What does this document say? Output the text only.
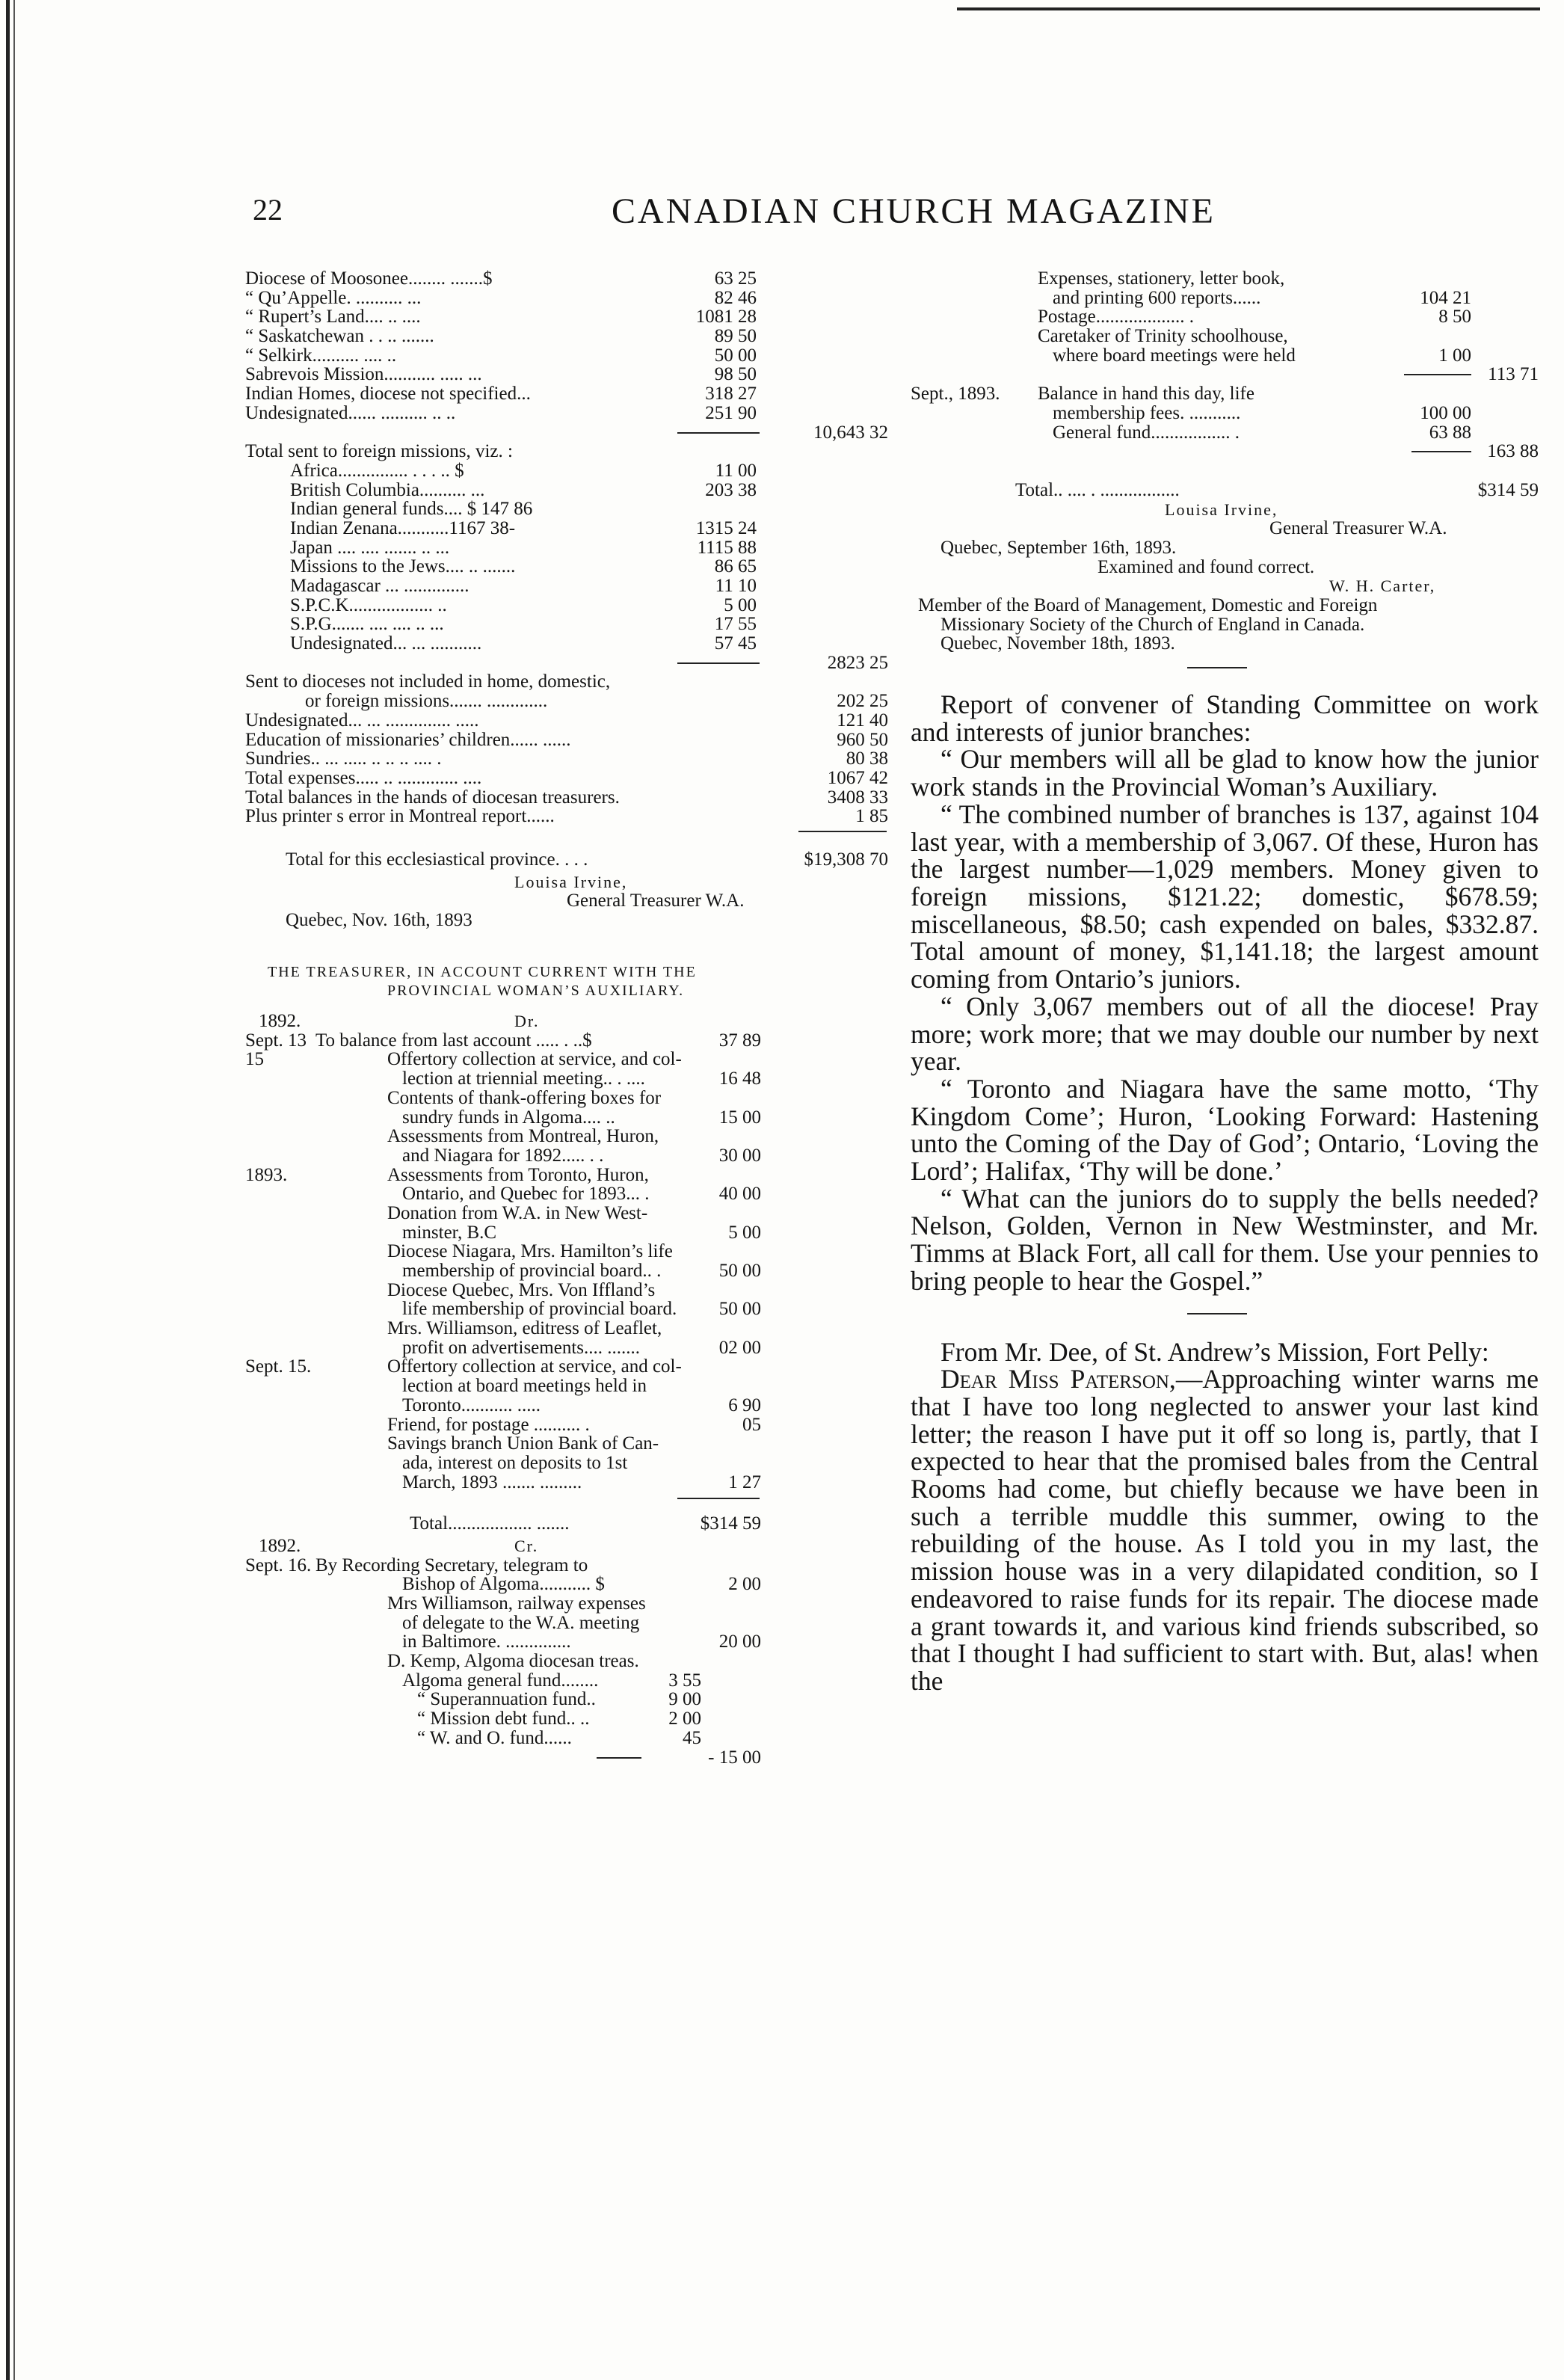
22	CANADIAN CHURCH MAGAZINE
Diocese of Moosonee........ .......$	63 25
“ Qu’Appelle. .......... ...	82 46
“ Rupert’s Land.... .. ....	1081 28
“ Saskatchewan . . .. .......	89 50
“ Selkirk.......... .... ..	50 00
Sabrevois Mission........... ..... ...	98 50
Indian Homes, diocese not specified...	318 27
Undesignated...... .......... .. ..	251 90
10,643 32
Total sent to foreign missions, viz. :
Africa............... . . . .. $	11 00
British Columbia.......... ...	203 38
Indian general funds.... $ 147 86
Indian Zenana...........1167 38-	1315 24
Japan .... .... ....... .. ...	1115 88
Missions to the Jews.... .. .......	86 65
Madagascar ... ..............	11 10
S.P.C.K.................. ..	5 00
S.P.G....... .... .... .. ...	17 55
Undesignated... ... ...........	57 45
2823 25
Sent to dioceses not included in home, domestic,
or foreign missions....... .............	202 25
Undesignated... ... .............. .....	121 40
Education of missionaries’ children...... ......	960 50
Sundries.. ... ..... .. .. .. .... .	80 38
Total expenses..... .. ............. ....	1067 42
Total balances in the hands of diocesan treasurers.	3408 33
Plus printer s error in Montreal report......	1 85
Total for this ecclesiastical province. . . .	$19,308 70
Louisa Irvine,
General Treasurer W.A.
Quebec, Nov. 16th, 1893
THE TREASURER, IN ACCOUNT CURRENT WITH THE
PROVINCIAL WOMAN’S AUXILIARY.
1892.	Dr.
Sept. 13 To balance from last account ..... . ..$	37 89
15	Offertory collection at service, and col-
lection at triennial meeting.. . ....	16 48
Contents of thank-offering boxes for
sundry funds in Algoma.... ..	15 00
Assessments from Montreal, Huron,
and Niagara for 1892..... . .	30 00
1893.	Assessments from Toronto, Huron,
Ontario, and Quebec for 1893... .	40 00
Donation from W.A. in New West-
minster, B.C	5 00
Diocese Niagara, Mrs. Hamilton’s life
membership of provincial board.. .	50 00
Diocese Quebec, Mrs. Von Iffland’s
life membership of provincial board. 50 00
Mrs. Williamson, editress of Leaflet,
profit on advertisements.... .......	02 00
Sept. 15.	Offertory collection at service, and col-
lection at board meetings held in
Toronto........... .....	6 90
Friend, for postage .......... .	05
Savings branch Union Bank of Can-
ada, interest on deposits to 1st
March, 1893 ....... .........	1 27
Total.................. .......	$314 59
1892.	Cr.
Sept. 16. By Recording Secretary, telegram to
Bishop of Algoma........... $	2 00
Mrs Williamson, railway expenses
of delegate to the W.A. meeting
in Baltimore. ..............	20 00
D. Kemp, Algoma diocesan treas.
Algoma general fund........	3 55
“ Superannuation fund..	9 00
“ Mission debt fund.. ..	2 00
“ W. and O. fund......	45
- 15 00
Expenses, stationery, letter book,
and printing 600 reports......	104 21
Postage................... .	8 50
Caretaker of Trinity schoolhouse,
where board meetings were held	1 00
113 71
Sept., 1893. Balance in hand this day, life
membership fees. ...........	100 00
General fund................. .	63 88
163 88
Total.. .... . .................	$314 59
Louisa Irvine,
General Treasurer W.A.
Quebec, September 16th, 1893.
Examined and found correct.
W. H. Carter,
Member of the Board of Management, Domestic and Foreign
Missionary Society of the Church of England in Canada.
Quebec, November 18th, 1893.

Report of convener of Standing Committee on work and interests of junior branches:

“ Our members will all be glad to know how the junior work stands in the Provincial Woman’s Auxiliary.

“ The combined number of branches is 137, against 104 last year, with a membership of 3,067. Of these, Huron has the largest number—1,029 members. Money given to foreign missions, $121.22; domestic, $678.59; miscellaneous, $8.50; cash expended on bales, $332.87. Total amount of money, $1,141.18; the largest amount coming from Ontario’s juniors.

“ Only 3,067 members out of all the diocese! Pray more; work more; that we may double our number by next year.

“ Toronto and Niagara have the same motto, ‘Thy Kingdom Come’; Huron, ‘Looking Forward: Hastening unto the Coming of the Day of God’; Ontario, ‘Loving the Lord’; Halifax, ‘Thy will be done.’

“ What can the juniors do to supply the bells needed? Nelson, Golden, Vernon in New Westminster, and Mr. Timms at Black Fort, all call for them. Use your pennies to bring people to hear the Gospel.”

From Mr. Dee, of St. Andrew’s Mission, Fort Pelly:

Dear Miss Paterson,—Approaching winter warns me that I have too long neglected to answer your last kind letter; the reason I have put it off so long is, partly, that I expected to hear that the promised bales from the Central Rooms had come, but chiefly because we have been in such a terrible muddle this summer, owing to the rebuilding of the house. As I told you in my last, the mission house was in a very dilapidated condition, so I endeavored to raise funds for its repair. The diocese made a grant towards it, and various kind friends subscribed, so that I thought I had sufficient to start with. But, alas! when the
